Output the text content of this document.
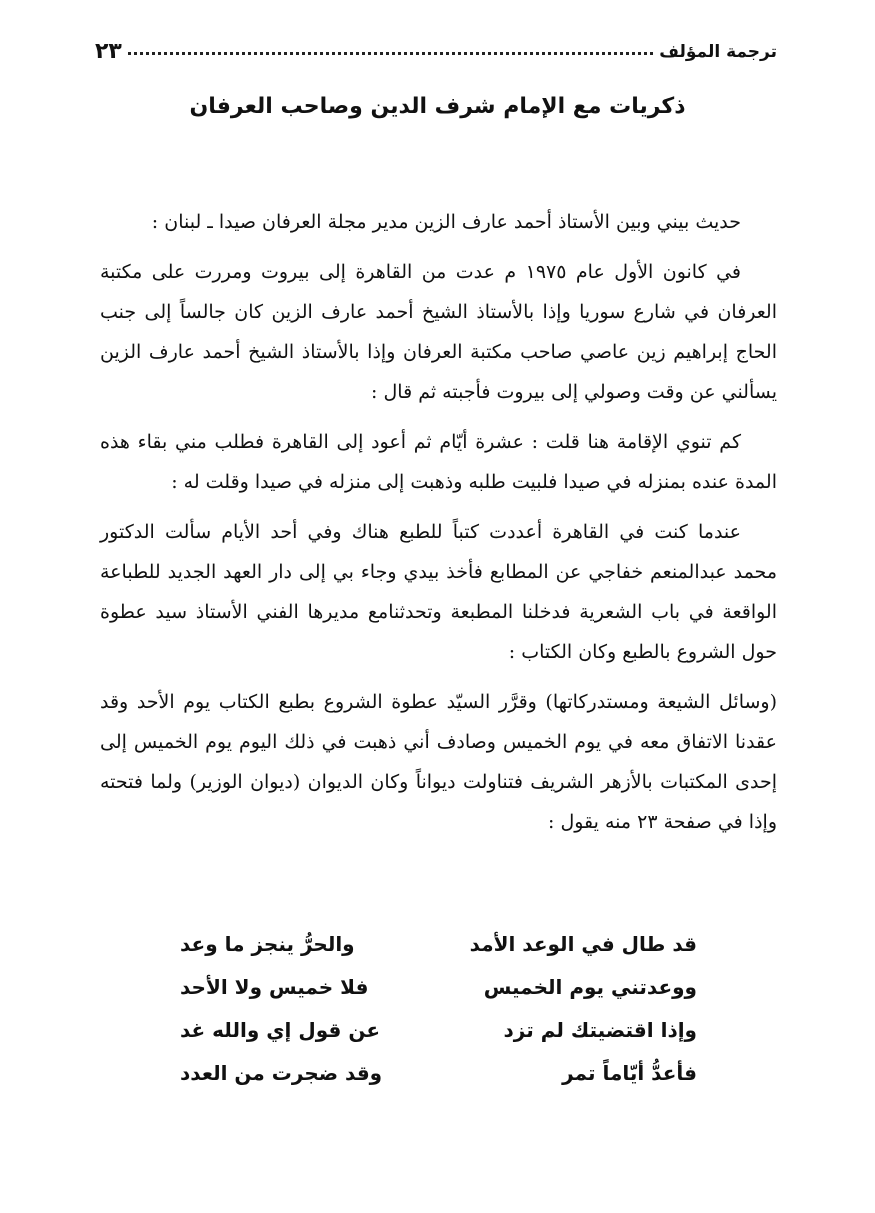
ترجمة المؤلف
٢٣
ذكريات مع الإمام شرف الدين وصاحب العرفان

حديث بيني وبين الأستاذ أحمد عارف الزين مدير مجلة العرفان صيدا ـ لبنان :

في كانون الأول عام ١٩٧٥ م عدت من القاهرة إلى بيروت ومررت على مكتبة العرفان في شارع سوريا وإذا بالأستاذ الشيخ أحمد عارف الزين كان جالساً إلى جنب الحاج إبراهيم زين عاصي صاحب مكتبة العرفان وإذا بالأستاذ الشيخ أحمد عارف الزين يسألني عن وقت وصولي إلى بيروت فأجبته ثم قال :

كم تنوي الإقامة هنا قلت : عشرة أيّام ثم أعود إلى القاهرة فطلب مني بقاء هذه المدة عنده بمنزله في صيدا فلبيت طلبه وذهبت إلى منزله في صيدا وقلت له :

عندما كنت في القاهرة أعددت كتباً للطبع هناك وفي أحد الأيام سألت الدكتور محمد عبدالمنعم خفاجي عن المطابع فأخذ بيدي وجاء بي إلى دار العهد الجديد للطباعة الواقعة في باب الشعرية فدخلنا المطبعة وتحدثنامع مديرها الفني الأستاذ سيد عطوة حول الشروع بالطبع وكان الكتاب :

(وسائل الشيعة ومستدركاتها) وقرَّر السيّد عطوة الشروع بطبع الكتاب يوم الأحد وقد عقدنا الاتفاق معه في يوم الخميس وصادف أني ذهبت في ذلك اليوم يوم الخميس إلى إحدى المكتبات بالأزهر الشريف فتناولت ديواناً وكان الديوان (ديوان الوزير) ولما فتحته وإذا في صفحة ٢٣ منه يقول :

قد طال في الوعد الأمد
والحرُّ ينجز ما وعد
ووعدتني يوم الخميس
فلا خميس ولا الأحد
وإذا اقتضيتك لم تزد
عن قول إي والله غد
فأعدُّ أيّاماً تمر
وقد ضجرت من العدد
